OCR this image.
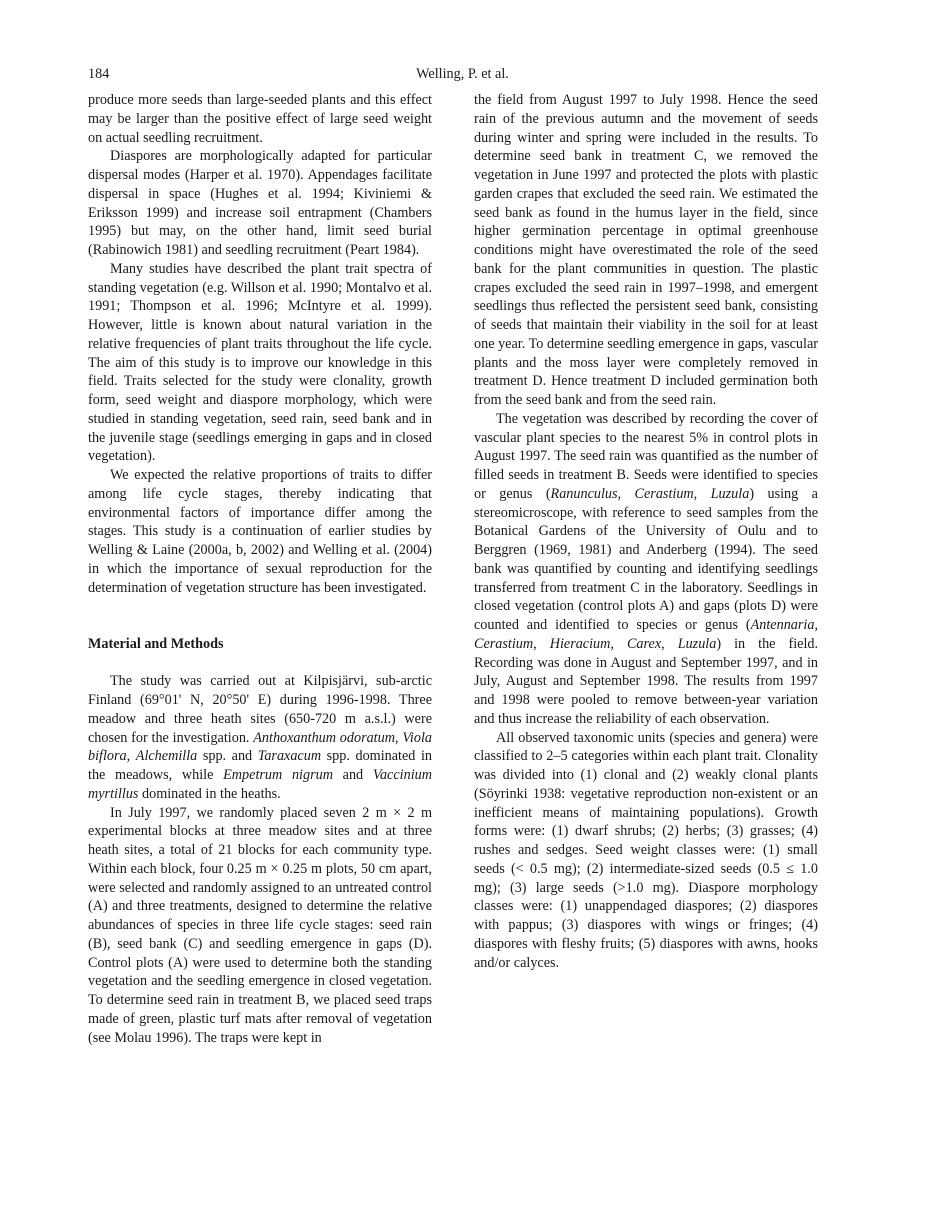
184	Welling, P. et al.

produce more seeds than large-seeded plants and this effect may be larger than the positive effect of large seed weight on actual seedling recruitment.

Diaspores are morphologically adapted for particular dispersal modes (Harper et al. 1970). Appendages facilitate dispersal in space (Hughes et al. 1994; Kiviniemi & Eriksson 1999) and increase soil entrapment (Chambers 1995) but may, on the other hand, limit seed burial (Rabinowich 1981) and seedling recruitment (Peart 1984).

Many studies have described the plant trait spectra of standing vegetation (e.g. Willson et al. 1990; Montalvo et al. 1991; Thompson et al. 1996; McIntyre et al. 1999). However, little is known about natural variation in the relative frequencies of plant traits throughout the life cycle. The aim of this study is to improve our knowledge in this field. Traits selected for the study were clonality, growth form, seed weight and diaspore morphology, which were studied in standing vegetation, seed rain, seed bank and in the juvenile stage (seedlings emerging in gaps and in closed vegetation).

We expected the relative proportions of traits to differ among life cycle stages, thereby indicating that environmental factors of importance differ among the stages. This study is a continuation of earlier studies by Welling & Laine (2000a, b, 2002) and Welling et al. (2004) in which the importance of sexual reproduction for the determination of vegetation structure has been investigated.

Material and Methods

The study was carried out at Kilpisjärvi, sub-arctic Finland (69°01' N, 20°50' E) during 1996-1998. Three meadow and three heath sites (650-720 m a.s.l.) were chosen for the investigation. Anthoxanthum odoratum, Viola biflora, Alchemilla spp. and Taraxacum spp. dominated in the meadows, while Empetrum nigrum and Vaccinium myrtillus dominated in the heaths.

In July 1997, we randomly placed seven 2 m × 2 m experimental blocks at three meadow sites and at three heath sites, a total of 21 blocks for each community type. Within each block, four 0.25 m × 0.25 m plots, 50 cm apart, were selected and randomly assigned to an untreated control (A) and three treatments, designed to determine the relative abundances of species in three life cycle stages: seed rain (B), seed bank (C) and seedling emergence in gaps (D). Control plots (A) were used to determine both the standing vegetation and the seedling emergence in closed vegetation. To determine seed rain in treatment B, we placed seed traps made of green, plastic turf mats after removal of vegetation (see Molau 1996). The traps were kept in

the field from August 1997 to July 1998. Hence the seed rain of the previous autumn and the movement of seeds during winter and spring were included in the results. To determine seed bank in treatment C, we removed the vegetation in June 1997 and protected the plots with plastic garden crapes that excluded the seed rain. We estimated the seed bank as found in the humus layer in the field, since higher germination percentage in optimal greenhouse conditions might have overestimated the role of the seed bank for the plant communities in question. The plastic crapes excluded the seed rain in 1997–1998, and emergent seedlings thus reflected the persistent seed bank, consisting of seeds that maintain their viability in the soil for at least one year. To determine seedling emergence in gaps, vascular plants and the moss layer were completely removed in treatment D. Hence treatment D included germination both from the seed bank and from the seed rain.

The vegetation was described by recording the cover of vascular plant species to the nearest 5% in control plots in August 1997. The seed rain was quantified as the number of filled seeds in treatment B. Seeds were identified to species or genus (Ranunculus, Cerastium, Luzula) using a stereomicroscope, with reference to seed samples from the Botanical Gardens of the University of Oulu and to Berggren (1969, 1981) and Anderberg (1994). The seed bank was quantified by counting and identifying seedlings transferred from treatment C in the laboratory. Seedlings in closed vegetation (control plots A) and gaps (plots D) were counted and identified to species or genus (Antennaria, Cerastium, Hieracium, Carex, Luzula) in the field. Recording was done in August and September 1997, and in July, August and September 1998. The results from 1997 and 1998 were pooled to remove between-year variation and thus increase the reliability of each observation.

All observed taxonomic units (species and genera) were classified to 2–5 categories within each plant trait. Clonality was divided into (1) clonal and (2) weakly clonal plants (Söyrinki 1938: vegetative reproduction non-existent or an inefficient means of maintaining populations). Growth forms were: (1) dwarf shrubs; (2) herbs; (3) grasses; (4) rushes and sedges. Seed weight classes were: (1) small seeds (< 0.5 mg); (2) intermediate-sized seeds (0.5 ≤ 1.0 mg); (3) large seeds (>1.0 mg). Diaspore morphology classes were: (1) unappendaged diaspores; (2) diaspores with pappus; (3) diaspores with wings or fringes; (4) diaspores with fleshy fruits; (5) diaspores with awns, hooks and/or calyces.
